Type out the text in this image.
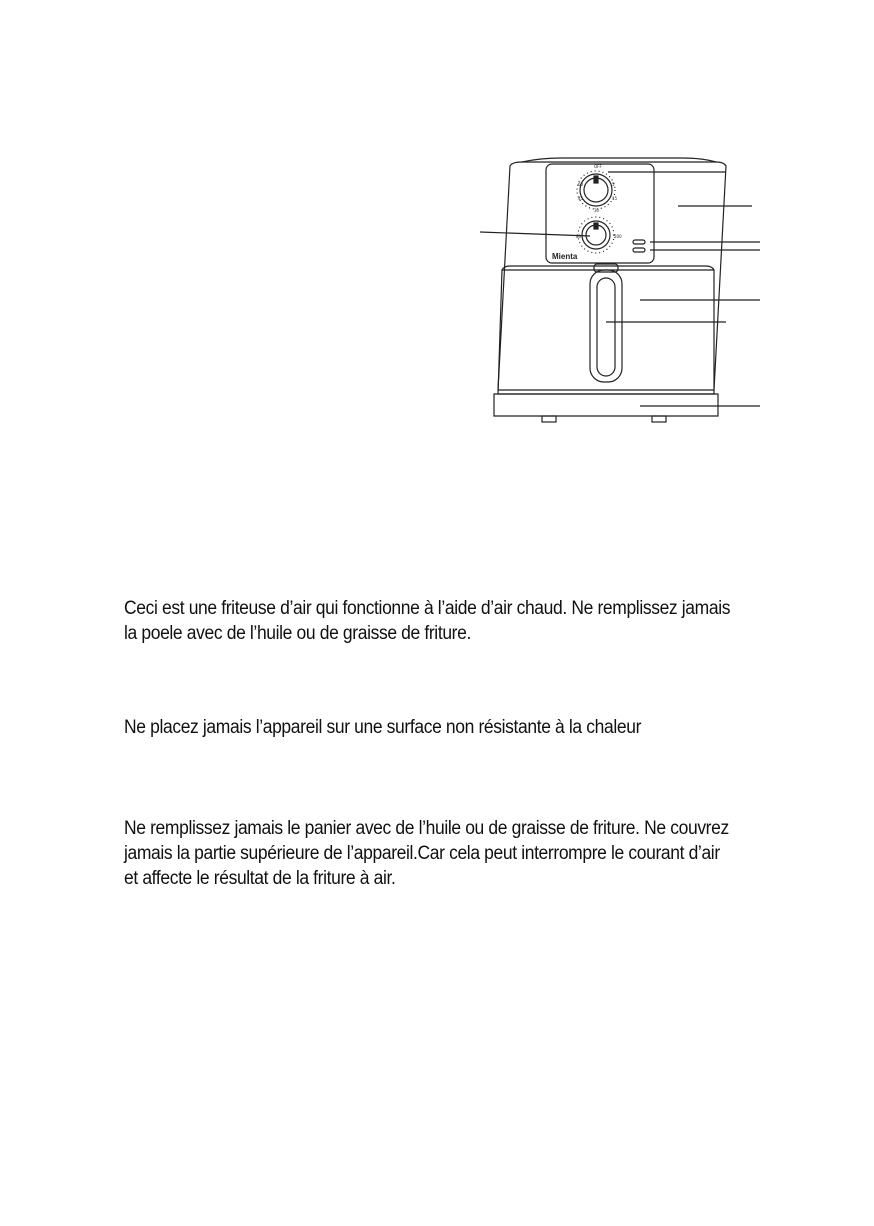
OFF
60	5
45	15
30
80	200
Mienta
Ceci est une friteuse d’air qui fonctionne à l’aide d’air chaud. Ne remplissez jamais
la poele avec de l’huile ou de graisse de friture.
Ne placez jamais l’appareil sur une surface non résistante à la chaleur
Ne remplissez jamais le panier avec de l’huile ou de graisse de friture. Ne couvrez
jamais la partie supérieure de l’appareil.Car cela peut interrompre le courant d’air
et affecte le résultat de la friture à air.
